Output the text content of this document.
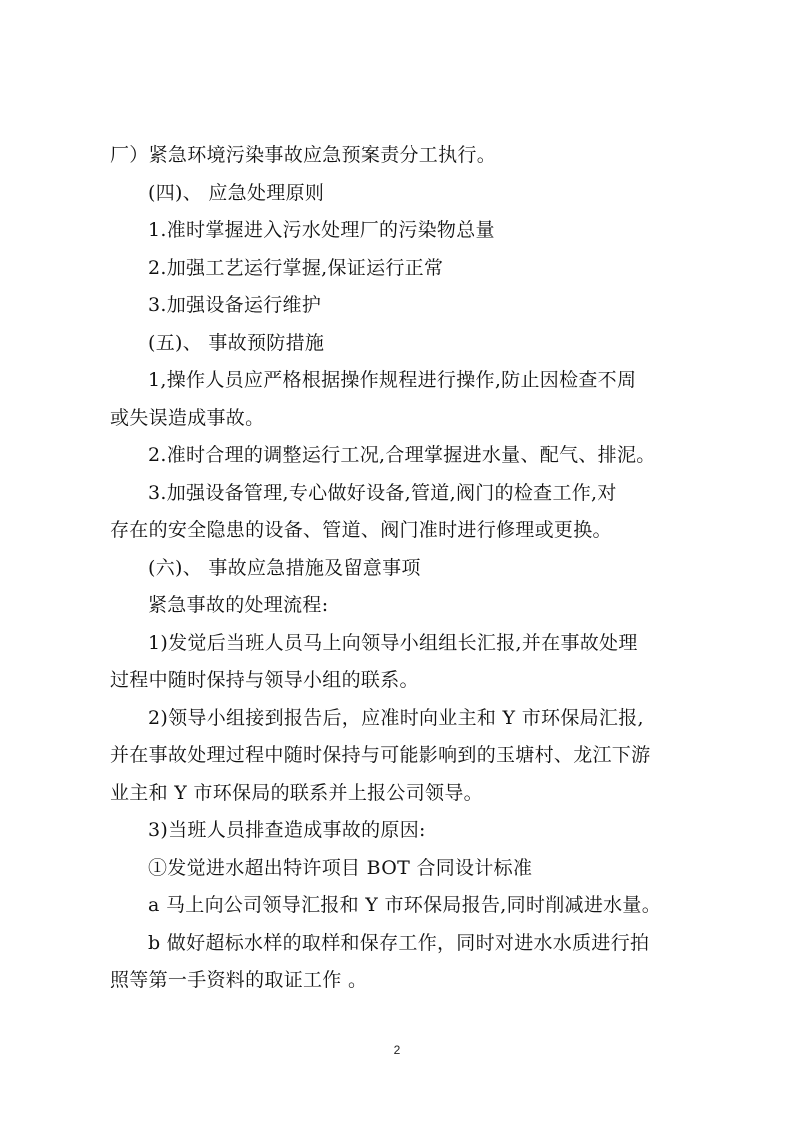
厂）紧急环境污染事故应急预案责分工执行。
(四)、 应急处理原则
1.准时掌握进入污水处理厂的污染物总量
2.加强工艺运行掌握,保证运行正常
3.加强设备运行维护
(五)、 事故预防措施
1,操作人员应严格根据操作规程进行操作,防止因检查不周
或失误造成事故。
2.准时合理的调整运行工况,合理掌握进水量、配气、排泥。
3.加强设备管理,专心做好设备,管道,阀门的检查工作,对
存在的安全隐患的设备、管道、阀门准时进行修理或更换。
(六)、 事故应急措施及留意事项
紧急事故的处理流程:
1)发觉后当班人员马上向领导小组组长汇报,并在事故处理
过程中随时保持与领导小组的联系。
2)领导小组接到报告后，应准时向业主和 Y 市环保局汇报,
并在事故处理过程中随时保持与可能影响到的玉塘村、龙江下游
业主和 Y 市环保局的联系并上报公司领导。
3)当班人员排查造成事故的原因:
①发觉进水超出特许项目 BOT 合同设计标准
a 马上向公司领导汇报和 Y 市环保局报告,同时削减进水量。
b 做好超标水样的取样和保存工作，同时对进水水质进行拍
照等第一手资料的取证工作 。
2
